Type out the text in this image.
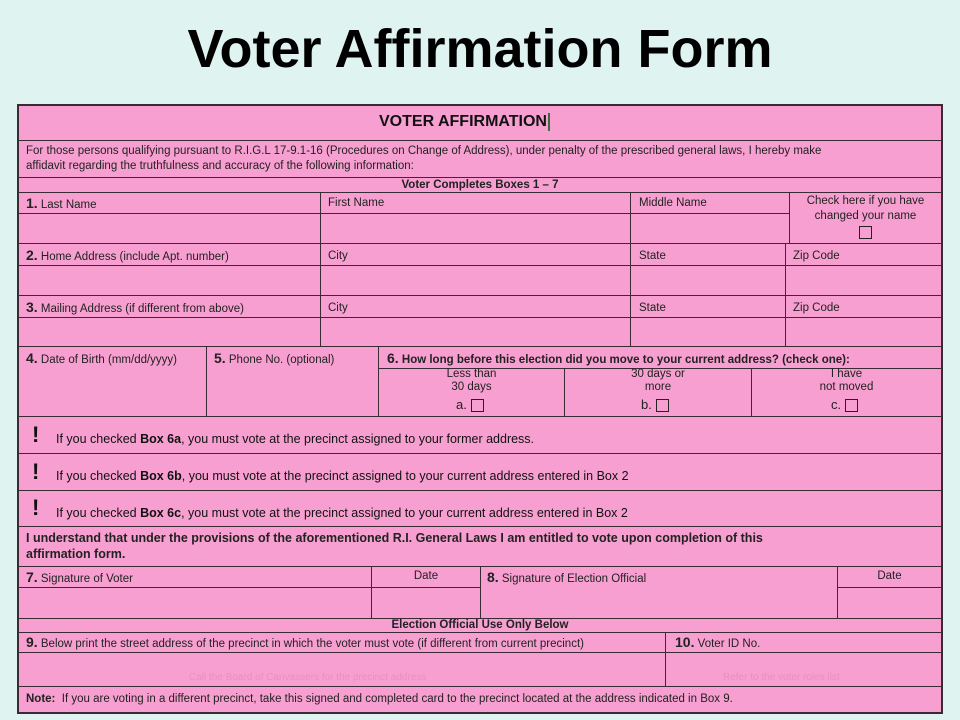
Voter Affirmation Form
VOTER AFFIRMATION
For those persons qualifying pursuant to R.I.G.L 17-9.1-16 (Procedures on Change of Address), under penalty of the prescribed general laws, I hereby make
affidavit regarding the truthfulness and accuracy of the following information:
Voter Completes Boxes 1 – 7
1. Last Name	First Name	Middle Name	Check here if you have
changed your name
2. Home Address (include Apt. number)	City	State	Zip Code
3. Mailing Address (if different from above)	City	State	Zip Code
4. Date of Birth (mm/dd/yyyy)	5. Phone No. (optional)	6. How long before this election did you move to your current address? (check one):
Less than
30 days
a.
30 days or
more
b.
I have
not moved
c.
! If you checked Box 6a, you must vote at the precinct assigned to your former address.
! If you checked Box 6b, you must vote at the precinct assigned to your current address entered in Box 2
! If you checked Box 6c, you must vote at the precinct assigned to your current address entered in Box 2
I understand that under the provisions of the aforementioned R.I. General Laws I am entitled to vote upon completion of this
affirmation form.
7. Signature of Voter	Date	8. Signature of Election Official	Date
Election Official Use Only Below
9. Below print the street address of the precinct in which the voter must vote (if different from current precinct)	10. Voter ID No.
Call the Board of Canvassers for the precinct address	Refer to the voter roles list
Note: If you are voting in a different precinct, take this signed and completed card to the precinct located at the address indicated in Box 9.
